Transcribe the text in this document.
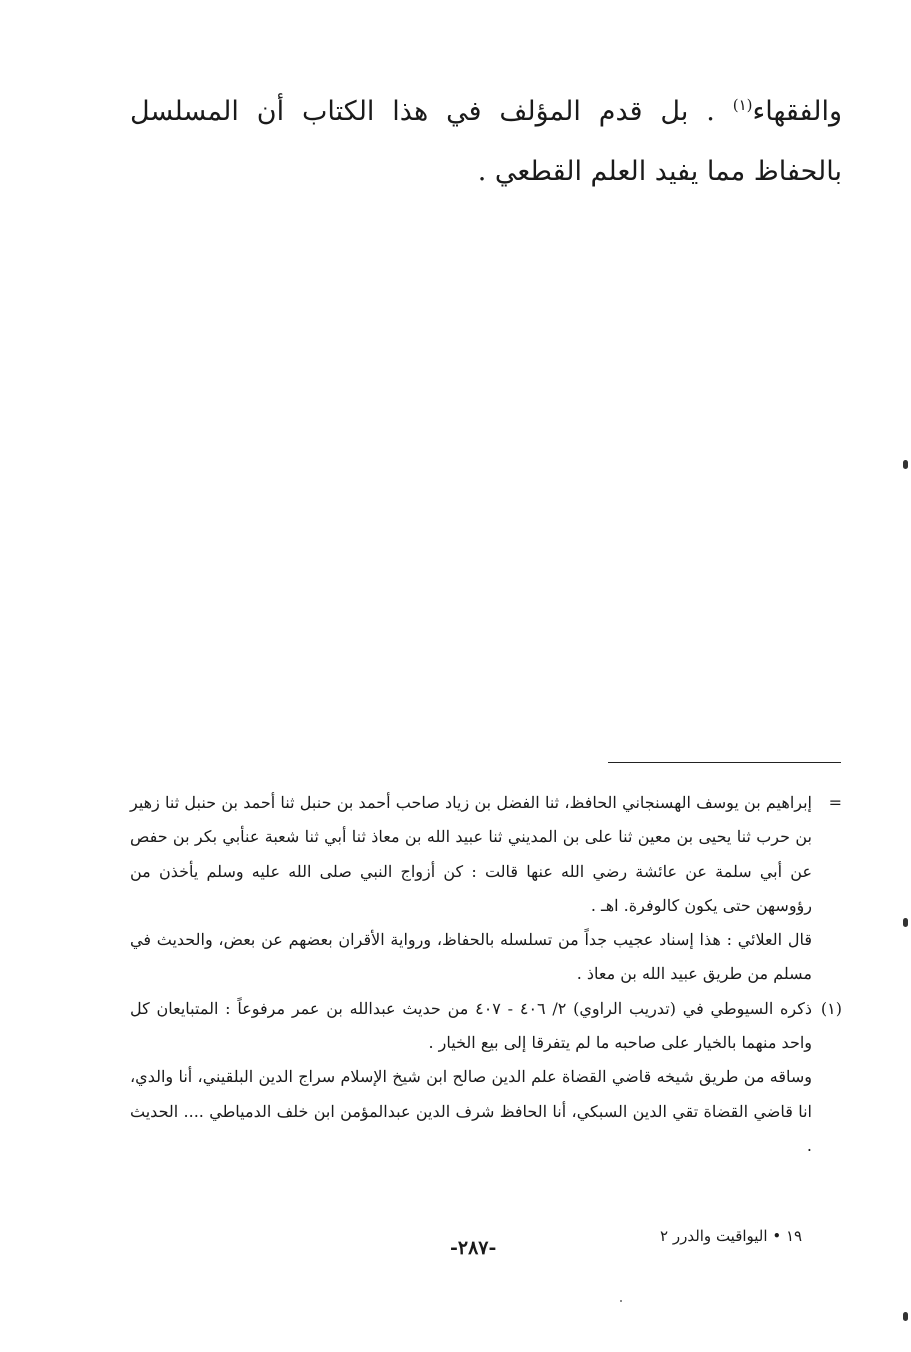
والفقهاء$^{(١)}$ . بل قدم المؤلف في هذا الكتاب أن المسلسل بالحفاظ مما يفيد العلم القطعي .

=

إبراهيم بن يوسف الهسنجاني الحافظ، ثنا الفضل بن زياد صاحب أحمد بن حنبل ثنا أحمد بن حنبل ثنا زهير بن حرب ثنا يحيى بن معين ثنا على بن المديني ثنا عبيد الله بن معاذ ثنا أبي ثنا شعبة عنأبي بكر بن حفص عن أبي سلمة عن عائشة رضي الله عنها قالت : كن أزواج النبي صلى الله عليه وسلم يأخذن من رؤوسهن حتى يكون كالوفرة. اهـ .

قال العلائي : هذا إسناد عجيب جداً من تسلسله بالحفاظ، ورواية الأقران بعضهم عن بعض، والحديث في مسلم من طريق عبيد الله بن معاذ .

(١)

ذكره السيوطي في (تدريب الراوي) ٢/ ٤٠٦ - ٤٠٧ من حديث عبدالله بن عمر مرفوعاً : المتبايعان كل واحد منهما بالخيار على صاحبه ما لم يتفرقا إلى بيع الخيار .

وساقه من طريق شيخه قاضي القضاة علم الدين صالح ابن شيخ الإسلام سراج الدين البلقيني، أنا والدي، انا قاضي القضاة تقي الدين السبكي، أنا الحافظ شرف الدين عبدالمؤمن ابن خلف الدمياطي .... الحديث .

١٩ • اليواقيت والدرر ٢
-٢٨٧-
